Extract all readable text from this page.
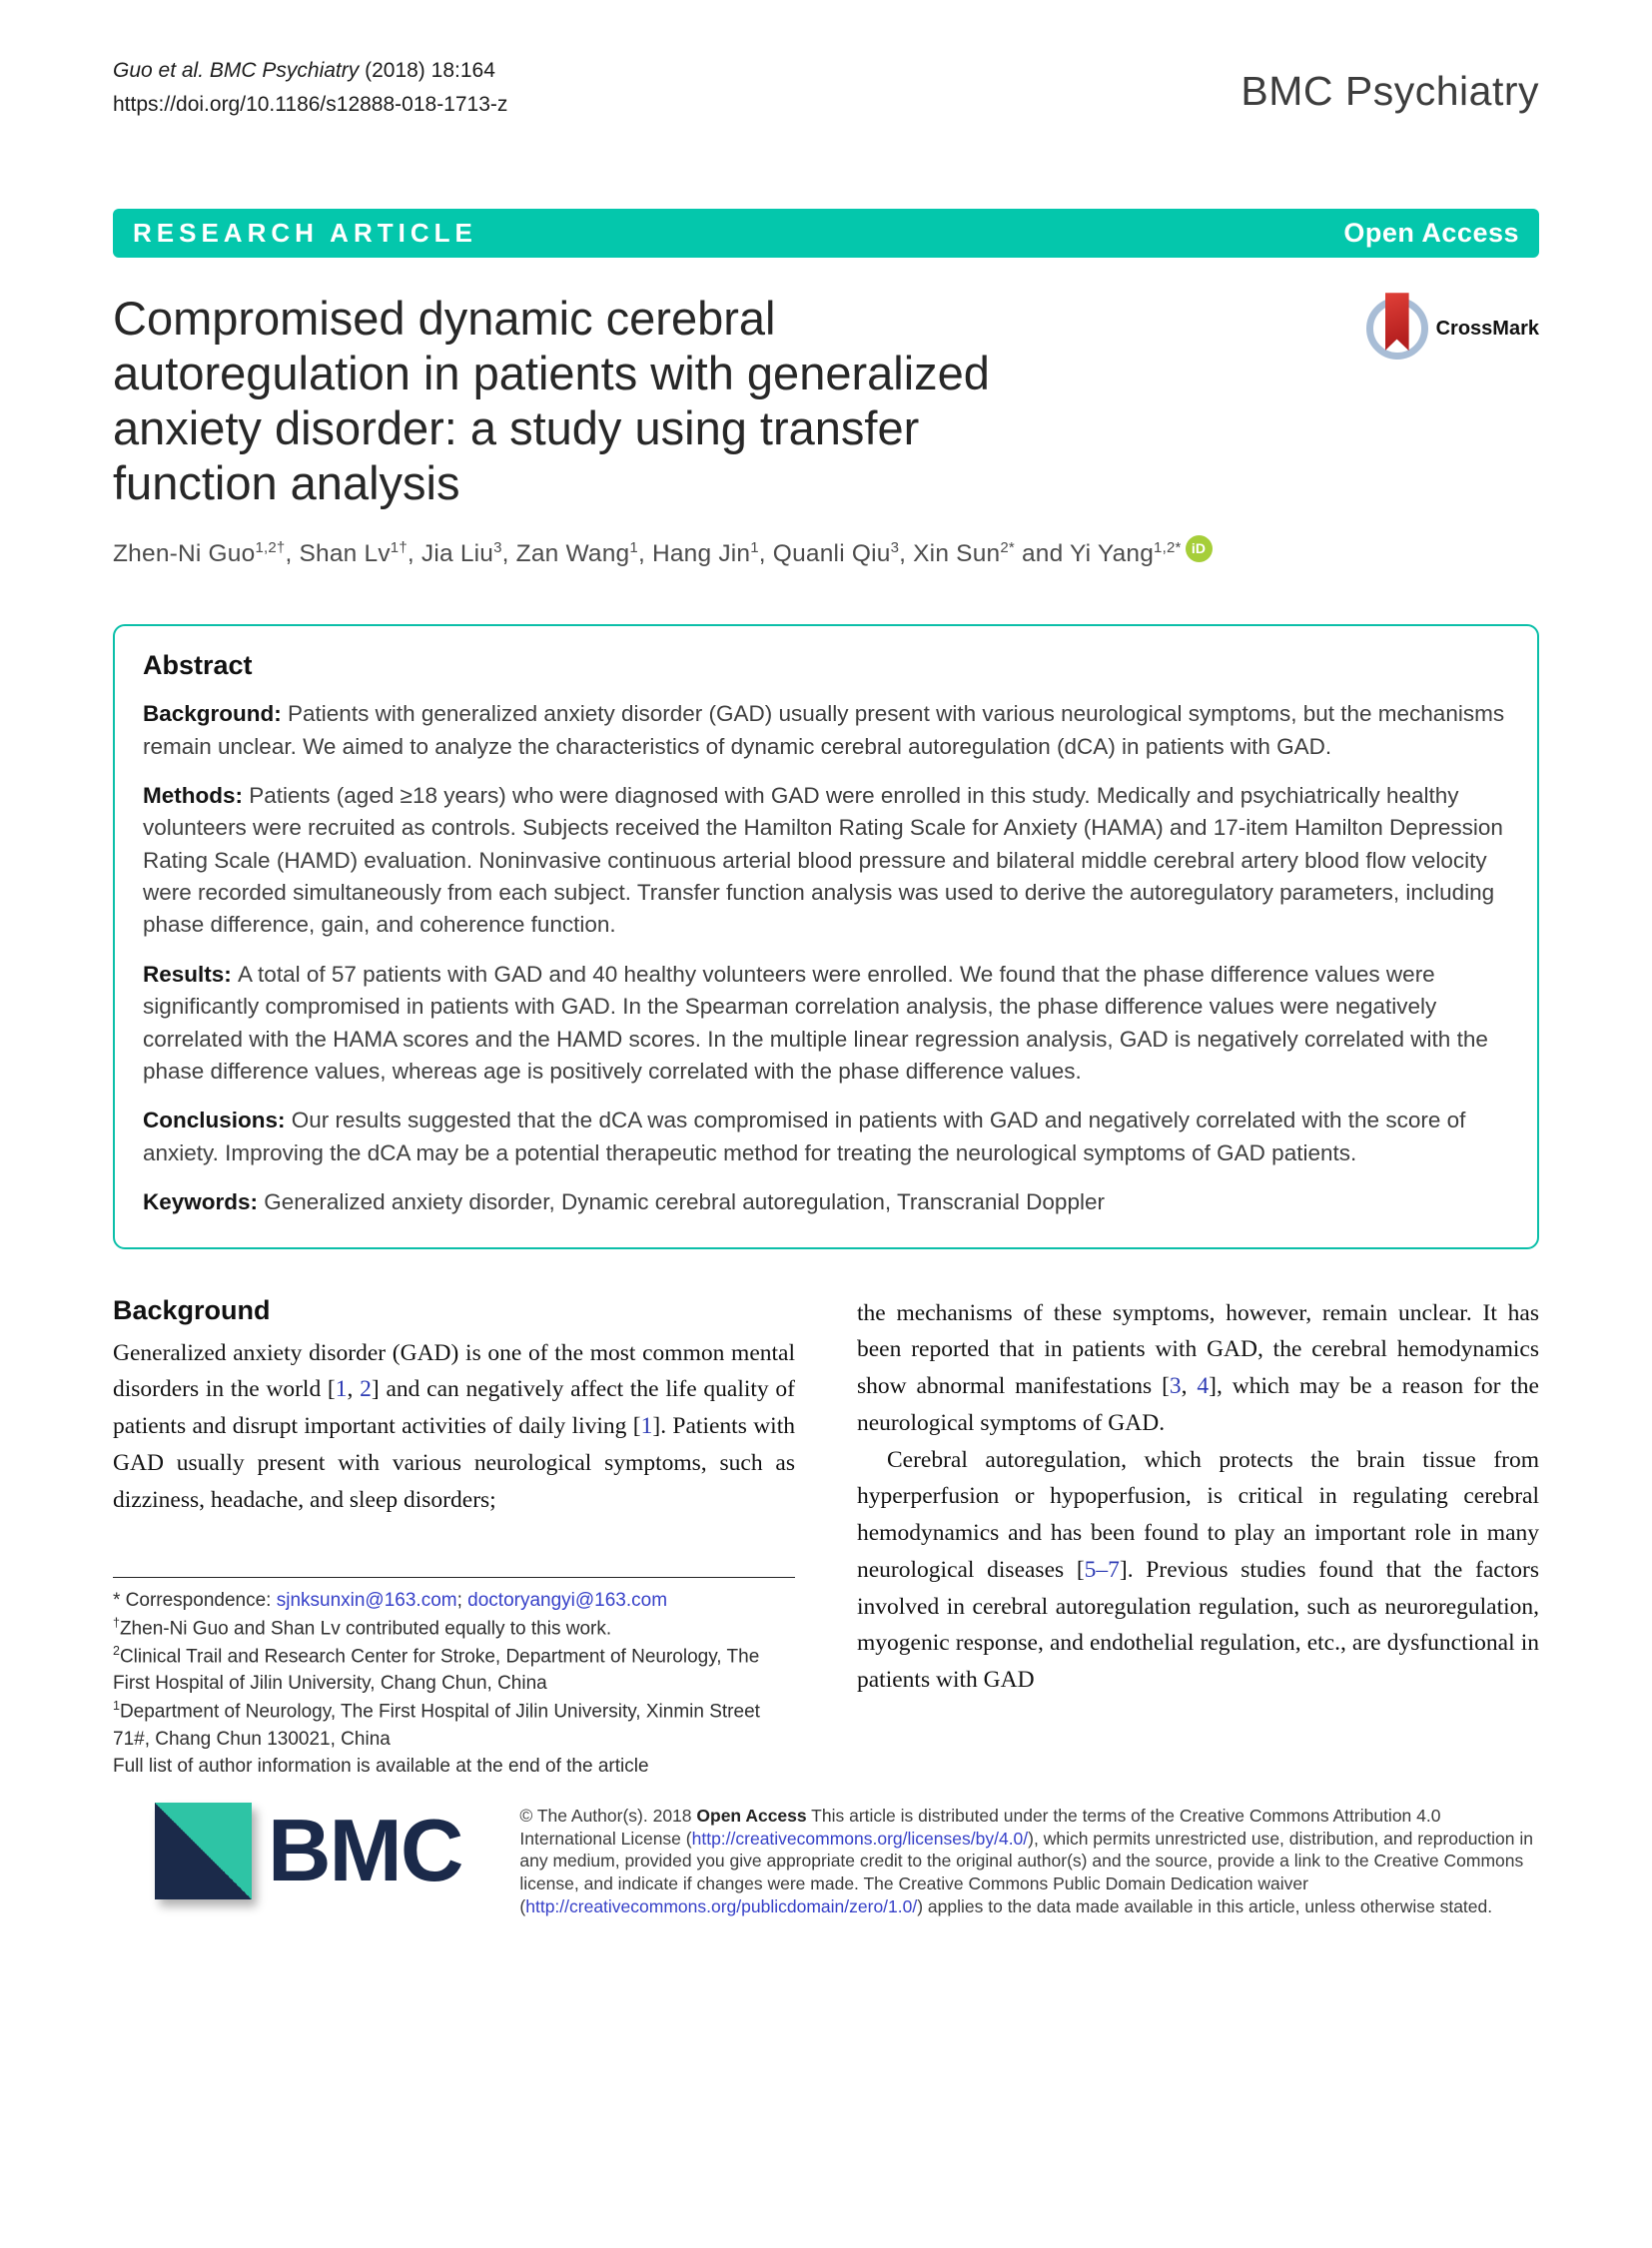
Guo et al. BMC Psychiatry (2018) 18:164
https://doi.org/10.1186/s12888-018-1713-z	BMC Psychiatry
RESEARCH ARTICLE	Open Access
Compromised dynamic cerebral
autoregulation in patients with generalized
anxiety disorder: a study using transfer
function analysis
CrossMark
Zhen-Ni Guo$^{1,2\dagger}$, Shan $Lv^{1\dagger}$, Jia Liu$^3$, Zan Wang$^1$, Hang Jin$^1$, Quanli Qiu$^3$, Xin Sun$^{2*}$ and Yi Yang$^{1,2*}$ iD
Abstract

Background: Patients with generalized anxiety disorder (GAD) usually present with various neurological symptoms, but the mechanisms remain unclear. We aimed to analyze the characteristics of dynamic cerebral autoregulation (dCA) in patients with GAD.

Methods: Patients (aged ≥18 years) who were diagnosed with GAD were enrolled in this study. Medically and psychiatrically healthy volunteers were recruited as controls. Subjects received the Hamilton Rating Scale for Anxiety (HAMA) and 17-item Hamilton Depression Rating Scale (HAMD) evaluation. Noninvasive continuous arterial blood pressure and bilateral middle cerebral artery blood flow velocity were recorded simultaneously from each subject. Transfer function analysis was used to derive the autoregulatory parameters, including phase difference, gain, and coherence function.

Results: A total of 57 patients with GAD and 40 healthy volunteers were enrolled. We found that the phase difference values were significantly compromised in patients with GAD. In the Spearman correlation analysis, the phase difference values were negatively correlated with the HAMA scores and the HAMD scores. In the multiple linear regression analysis, GAD is negatively correlated with the phase difference values, whereas age is positively correlated with the phase difference values.

Conclusions: Our results suggested that the dCA was compromised in patients with GAD and negatively correlated with the score of anxiety. Improving the dCA may be a potential therapeutic method for treating the neurological symptoms of GAD patients.

Keywords: Generalized anxiety disorder, Dynamic cerebral autoregulation, Transcranial Doppler

Background

Generalized anxiety disorder (GAD) is one of the most common mental disorders in the world [1, 2] and can negatively affect the life quality of patients and disrupt important activities of daily living [1]. Patients with GAD usually present with various neurological symptoms, such as dizziness, headache, and sleep disorders;

* Correspondence: sjnksunxin@163.com; doctoryangyi@163.com
†Zhen-Ni Guo and Shan Lv contributed equally to this work.
$^2$Clinical Trail and Research Center for Stroke, Department of Neurology, The First Hospital of Jilin University, Chang Chun, China
$^1$Department of Neurology, The First Hospital of Jilin University, Xinmin Street 71#, Chang Chun 130021, China
Full list of author information is available at the end of the article

the mechanisms of these symptoms, however, remain unclear. It has been reported that in patients with GAD, the cerebral hemodynamics show abnormal manifestations [3, 4], which may be a reason for the neurological symptoms of GAD.

Cerebral autoregulation, which protects the brain tissue from hyperperfusion or hypoperfusion, is critical in regulating cerebral hemodynamics and has been found to play an important role in many neurological diseases [5–7]. Previous studies found that the factors involved in cerebral autoregulation regulation, such as neuroregulation, myogenic response, and endothelial regulation, etc., are dysfunctional in patients with GAD

BMC	© The Author(s). 2018 Open Access This article is distributed under the terms of the Creative Commons Attribution 4.0 International License (http://creativecommons.org/licenses/by/4.0/), which permits unrestricted use, distribution, and reproduction in any medium, provided you give appropriate credit to the original author(s) and the source, provide a link to the Creative Commons license, and indicate if changes were made. The Creative Commons Public Domain Dedication waiver (http://creativecommons.org/publicdomain/zero/1.0/) applies to the data made available in this article, unless otherwise stated.
